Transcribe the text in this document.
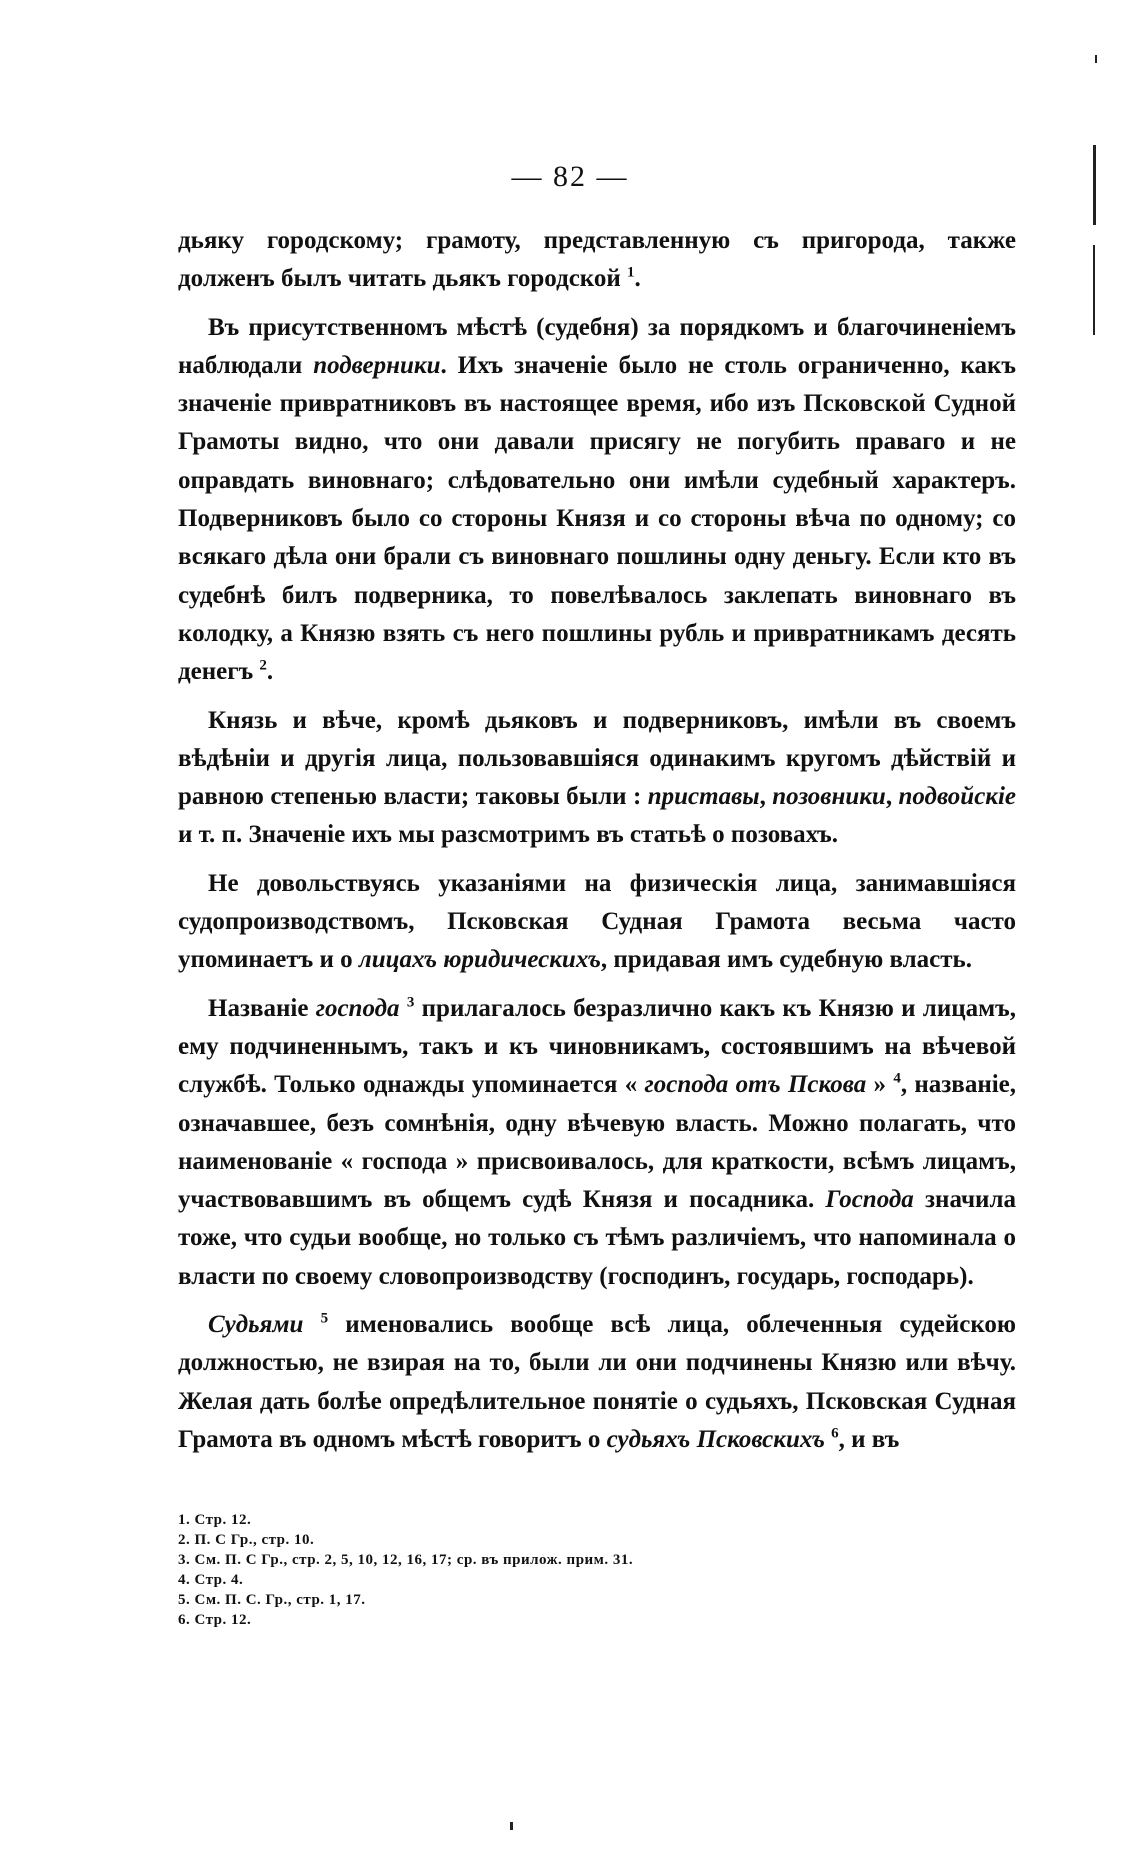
— 82 —

дьяку городскому; грамоту, представленную съ пригорода, также долженъ былъ читать дьякъ городской $^1$.

Въ присутственномъ мѣстѣ (судебня) за порядкомъ и благочиненіемъ наблюдали подверники. Ихъ значеніе было не столь ограниченно, какъ значеніе привратниковъ въ настоящее время, ибо изъ Псковской Судной Грамоты видно, что они давали присягу не погубить праваго и не оправдать виновнаго; слѣдовательно они имѣли судебный характеръ. Подверниковъ было со стороны Князя и со стороны вѣча по одному; со всякаго дѣла они брали съ виновнаго пошлины одну деньгу. Если кто въ судебнѣ билъ подверника, то повелѣвалось заклепать виновнаго въ колодку, а Князю взять съ него пошлины рубль и привратникамъ десять денегъ $^2$.

Князь и вѣче, кромѣ дьяковъ и подверниковъ, имѣли въ своемъ вѣдѣніи и другія лица, пользовавшіяся одинакимъ кругомъ дѣйствій и равною степенью власти; таковы были : приставы, позовники, подвойскіе и т. п. Значеніе ихъ мы разсмотримъ въ статьѣ о позовахъ.

Не довольствуясь указаніями на физическія лица, занимавшіяся судопроизводствомъ, Псковская Судная Грамота весьма часто упоминаетъ и о лицахъ юридическихъ, придавая имъ судебную власть.

Названіе господа $^3$ прилагалось безразлично какъ къ Князю и лицамъ, ему подчиненнымъ, такъ и къ чиновникамъ, состоявшимъ на вѣчевой службѣ. Только однажды упоминается « господа отъ Пскова » $^4$, названіе, означавшее, безъ сомнѣнія, одну вѣчевую власть. Можно полагать, что наименованіе « господа » присвоивалось, для краткости, всѣмъ лицамъ, участвовавшимъ въ общемъ судѣ Князя и посадника. Господа значила тоже, что судьи вообще, но только съ тѣмъ различіемъ, что напоминала о власти по своему словопроизводству (господинъ, государь, господарь).

Судьями $^5$ именовались вообще всѣ лица, облеченныя судейскою должностью, не взирая на то, были ли они подчинены Князю или вѣчу. Желая дать болѣе опредѣлительное понятіе о судьяхъ, Псковская Судная Грамота въ одномъ мѣстѣ говоритъ о судьяхъ Псковскихъ $^6$, и въ

1. Стр. 12.
2. П. С Гр., стр. 10.
3. См. П. С Гр., стр. 2, 5, 10, 12, 16, 17; ср. въ прилож. прим. 31.
4. Стр. 4.
5. См. П. С. Гр., стр. 1, 17.
6. Стр. 12.
